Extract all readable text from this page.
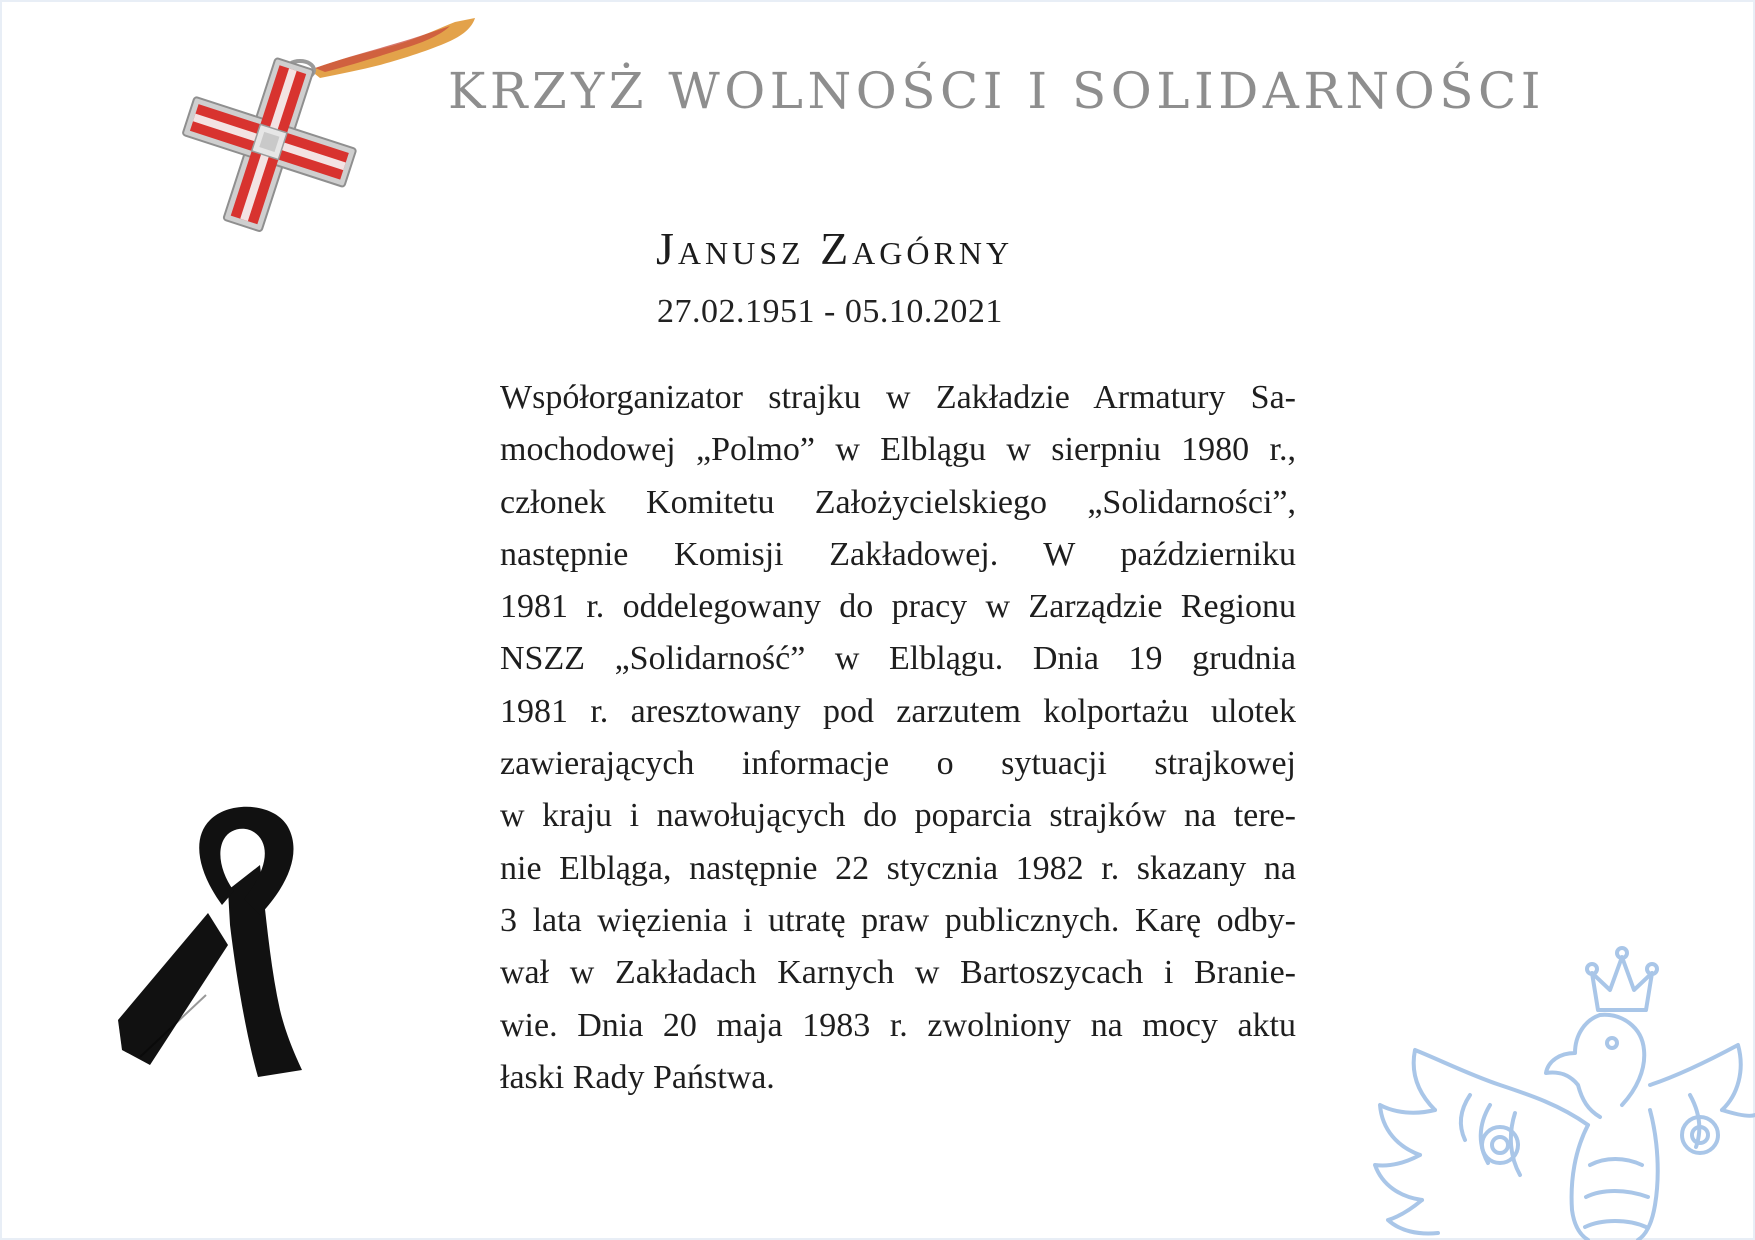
KRZYŻ WOLNOŚCI I SOLIDARNOŚCI
Janusz Zagórny
27.02.1951 - 05.10.2021
Współorganizator strajku w Zakładzie Armatury Sa-
mochodowej „Polmo” w Elblągu w sierpniu 1980 r.,
członek Komitetu Założycielskiego „Solidarności”,
następnie Komisji Zakładowej. W październiku
1981 r. oddelegowany do pracy w Zarządzie Regionu
NSZZ „Solidarność” w Elblągu. Dnia 19 grudnia
1981 r. aresztowany pod zarzutem kolportażu ulotek
zawierających informacje o sytuacji strajkowej
w kraju i nawołujących do poparcia strajków na tere-
nie Elbląga, następnie 22 stycznia 1982 r. skazany na
3 lata więzienia i utratę praw publicznych. Karę odby-
wał w Zakładach Karnych w Bartoszycach i Branie-
wie. Dnia 20 maja 1983 r. zwolniony na mocy aktu
łaski Rady Państwa.
